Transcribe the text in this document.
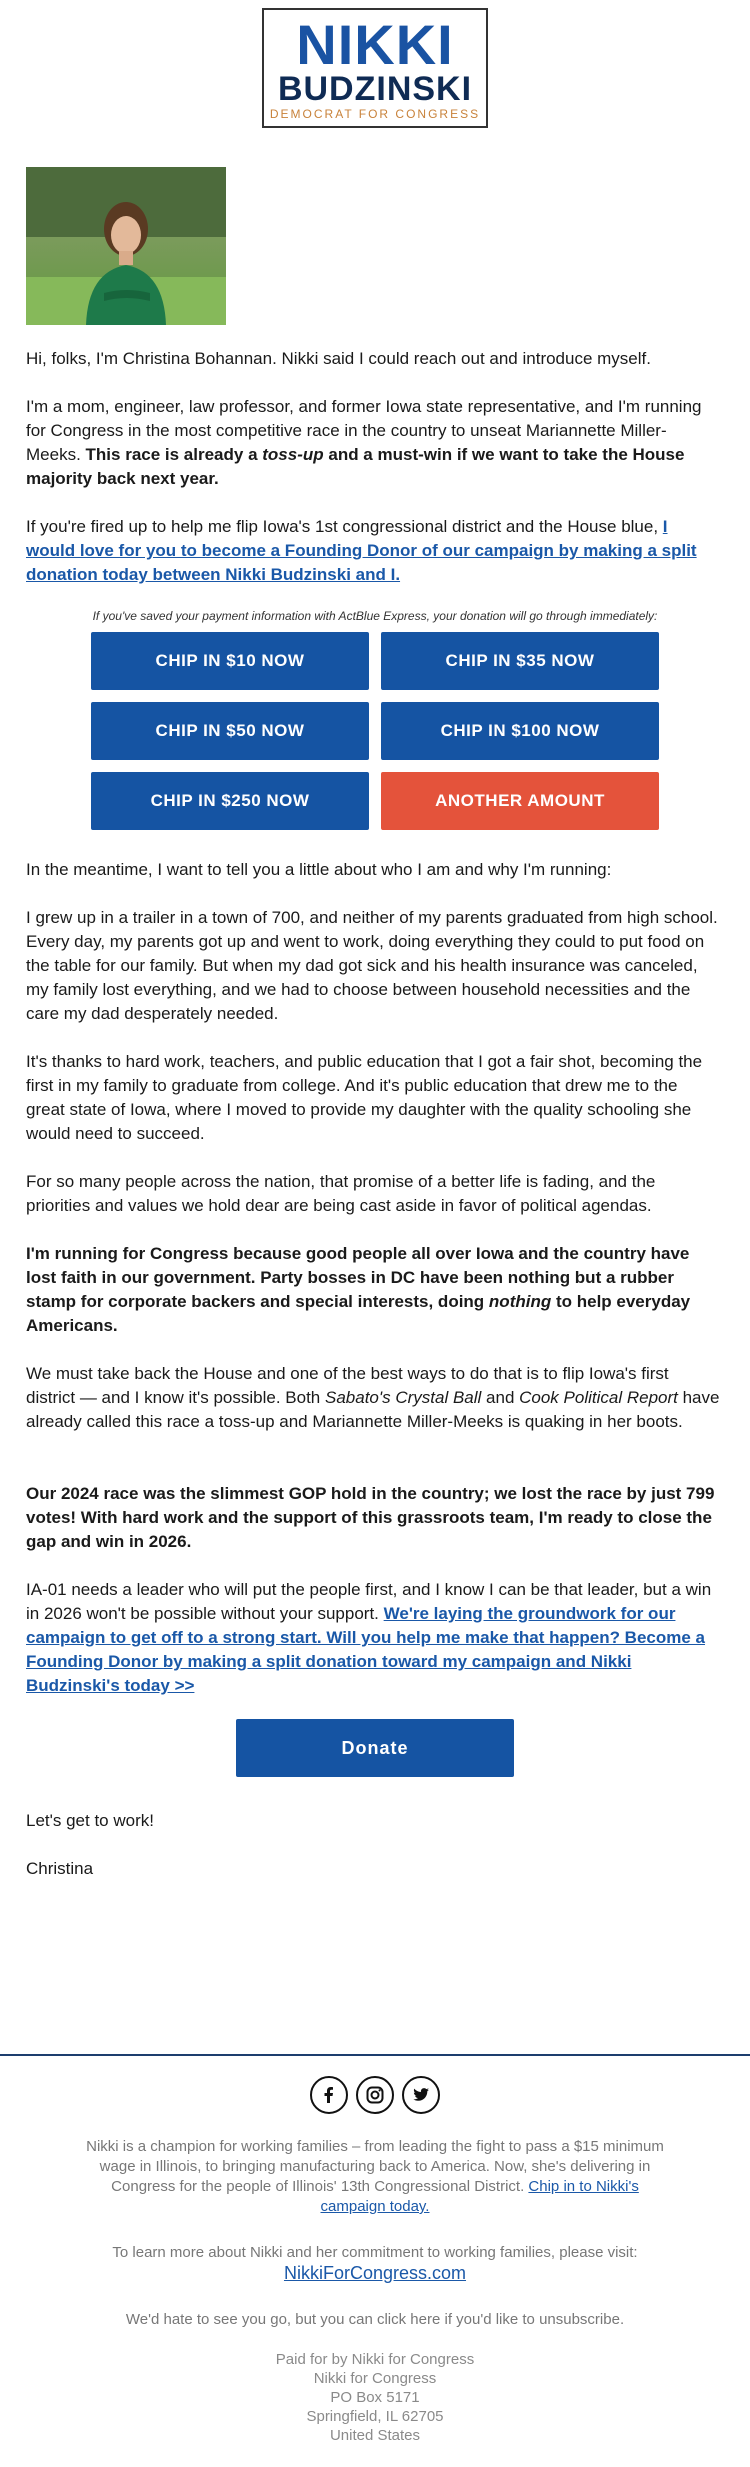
NIKKI
BUDZINSKI
DEMOCRAT FOR CONGRESS

Hi, folks, I'm Christina Bohannan. Nikki said I could reach out and introduce myself.

I'm a mom, engineer, law professor, and former Iowa state representative, and I'm running for Congress in the most competitive race in the country to unseat Mariannette Miller-Meeks. This race is already a toss-up and a must-win if we want to take the House majority back next year.

If you're fired up to help me flip Iowa's 1st congressional district and the House blue, I would love for you to become a Founding Donor of our campaign by making a split donation today between Nikki Budzinski and I.

If you've saved your payment information with ActBlue Express, your donation will go through immediately:
CHIP IN $10 NOW	CHIP IN $35 NOW
CHIP IN $50 NOW	CHIP IN $100 NOW
CHIP IN $250 NOW	ANOTHER AMOUNT

In the meantime, I want to tell you a little about who I am and why I'm running:

I grew up in a trailer in a town of 700, and neither of my parents graduated from high school. Every day, my parents got up and went to work, doing everything they could to put food on the table for our family. But when my dad got sick and his health insurance was canceled, my family lost everything, and we had to choose between household necessities and the care my dad desperately needed.

It's thanks to hard work, teachers, and public education that I got a fair shot, becoming the first in my family to graduate from college. And it's public education that drew me to the great state of Iowa, where I moved to provide my daughter with the quality schooling she would need to succeed.

For so many people across the nation, that promise of a better life is fading, and the priorities and values we hold dear are being cast aside in favor of political agendas.

I'm running for Congress because good people all over Iowa and the country have lost faith in our government. Party bosses in DC have been nothing but a rubber stamp for corporate backers and special interests, doing nothing to help everyday Americans.

We must take back the House and one of the best ways to do that is to flip Iowa's first district — and I know it's possible. Both Sabato's Crystal Ball and Cook Political Report have already called this race a toss-up and Mariannette Miller-Meeks is quaking in her boots.

Our 2024 race was the slimmest GOP hold in the country; we lost the race by just 799 votes! With hard work and the support of this grassroots team, I'm ready to close the gap and win in 2026.

IA-01 needs a leader who will put the people first, and I know I can be that leader, but a win in 2026 won't be possible without your support. We're laying the groundwork for our campaign to get off to a strong start. Will you help me make that happen? Become a Founding Donor by making a split donation toward my campaign and Nikki Budzinski's today >>

Donate

Let's get to work!

Christina

Nikki is a champion for working families – from leading the fight to pass a $15 minimum wage in Illinois, to bringing manufacturing back to America. Now, she's delivering in Congress for the people of Illinois' 13th Congressional District. Chip in to Nikki's campaign today.
To learn more about Nikki and her commitment to working families, please visit:
NikkiForCongress.com
We'd hate to see you go, but you can click here if you'd like to unsubscribe.
Paid for by Nikki for Congress
Nikki for Congress
PO Box 5171
Springfield, IL 62705
United States
